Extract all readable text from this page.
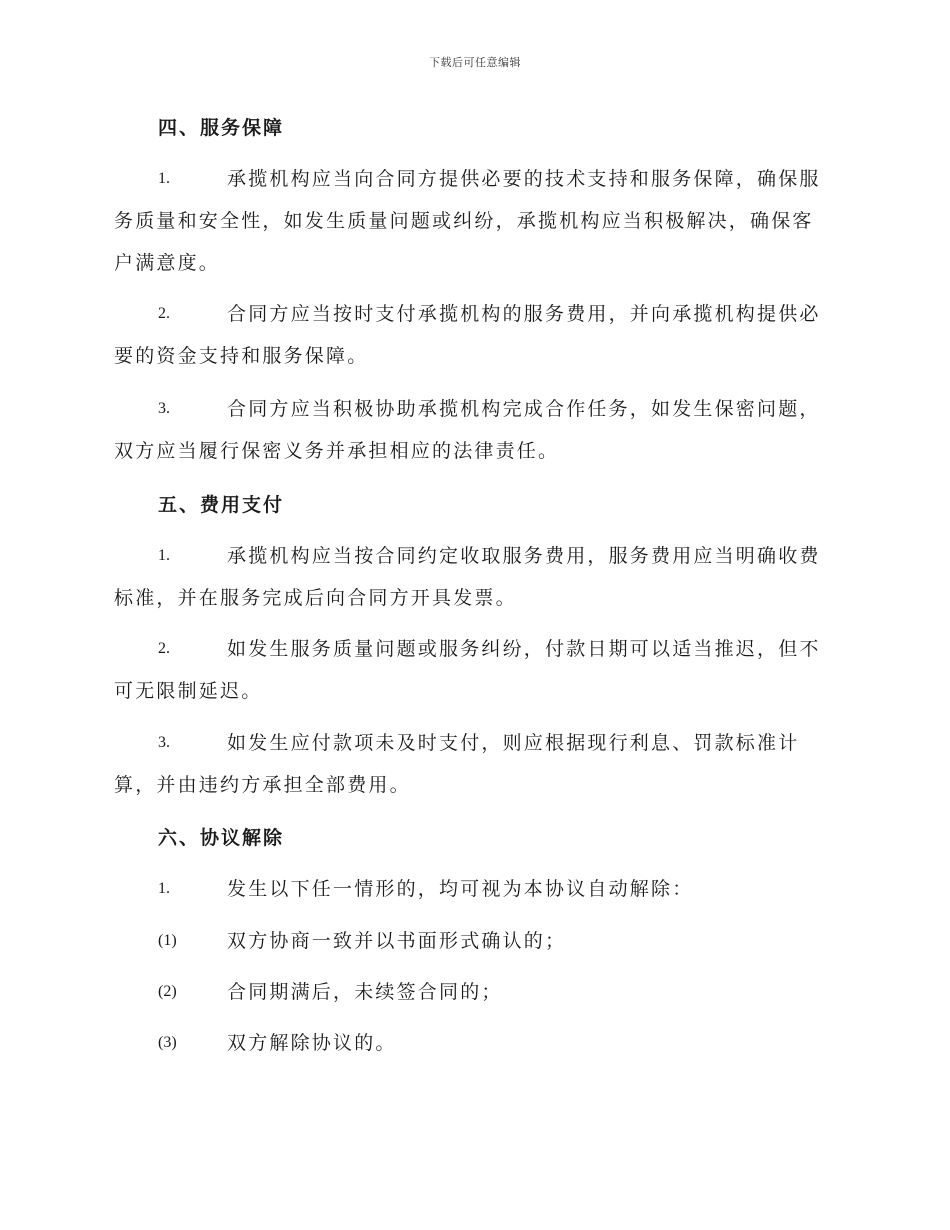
下载后可任意编辑
四、服务保障
1.	承揽机构应当向合同方提供必要的技术支持和服务保障，确保服
务质量和安全性，如发生质量问题或纠纷，承揽机构应当积极解决，确保客
户满意度。
2.	合同方应当按时支付承揽机构的服务费用，并向承揽机构提供必
要的资金支持和服务保障。
3.	合同方应当积极协助承揽机构完成合作任务，如发生保密问题，
双方应当履行保密义务并承担相应的法律责任。
五、费用支付
1.	承揽机构应当按合同约定收取服务费用，服务费用应当明确收费
标准，并在服务完成后向合同方开具发票。
2.	如发生服务质量问题或服务纠纷，付款日期可以适当推迟，但不
可无限制延迟。
3.	如发生应付款项未及时支付，则应根据现行利息、罚款标准计
算，并由违约方承担全部费用。
六、协议解除
1.	发生以下任一情形的，均可视为本协议自动解除：
(1)	双方协商一致并以书面形式确认的；
(2)	合同期满后，未续签合同的；
(3)	双方解除协议的。
